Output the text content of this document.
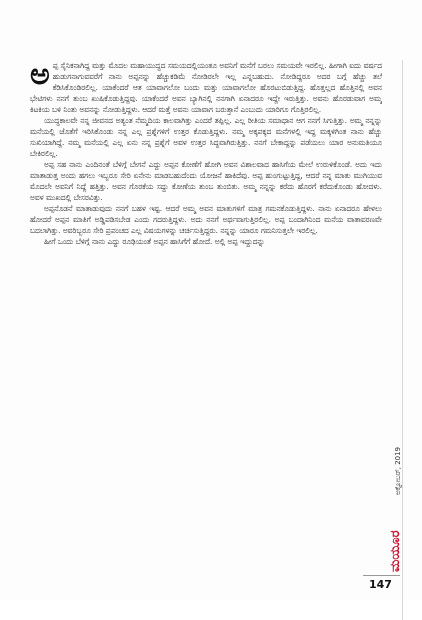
ಅಪ್ಪ ಸೈನಿಕನಾಗಿದ್ದ ಮತ್ತು ಮೊದಲ ಮಹಾಯುದ್ಧದ ಸಮಯದಲ್ಲಿಯಂತೂ ಅವನಿಗೆ ಮನೆಗೆ ಬರಲು ಸಮಯವೇ ಇರಲಿಲ್ಲ. ಹೀಗಾಗಿ ಐದು ವರ್ಷದ ಹುಡುಗನಾಗುವವರೆಗೆ ನಾನು ಅಪ್ಪನನ್ನು ಹೆಚ್ಚುಕಡಿಮೆ ನೋಡಿರಲೇ ಇಲ್ಲ ಎನ್ನಬಹುದು. ನೋಡಿದ್ದರೂ ಅದರ ಬಗ್ಗೆ ಹೆಚ್ಚು ತಲೆ ಕೆಡಿಸಿಕೊಂಡಿರಲಿಲ್ಲ. ಯಾಕೆಂದರೆ ಆತ ಯಾವಾಗಲೋ ಬಂದು ಮತ್ತು ಯಾವಾಗಲೋ ಹೊರಟುಬಿಡುತ್ತಿದ್ದ. ಹೊತ್ತಲ್ಲದ ಹೊತ್ತಿನಲ್ಲಿ ಅವನ ಭೇಟಿಗಳು ನನಗೆ ತುಂಬ ಖುಷಿಕೊಡುತ್ತಿದ್ದವು. ಯಾಕೆಂದರೆ ಅವನ ಬ್ಯಾಗಿನಲ್ಲಿ ನನಗಾಗಿ ಏನಾದರೂ ಇದ್ದೇ ಇರುತ್ತಿತ್ತು. ಅವನು ಹೊರಡುವಾಗ ಅಮ್ಮ ಕಿಟಕಿಯ ಬಳಿ ನಿಂತು ಅವನನ್ನು ನೋಡುತ್ತಿದ್ದಳು. ಆದರೆ ಮತ್ತೆ ಅವನು ಯಾವಾಗ ಬರುತ್ತಾನೆ ಎಂಬುದು ಯಾರಿಗೂ ಗೊತ್ತಿರಲಿಲ್ಲ.

ಯುದ್ಧಕಾಲವೇ ನನ್ನ ಜೀವನದ ಅತ್ಯಂತ ನೆಮ್ಮದಿಯ ಕಾಲವಾಗಿತ್ತು ಎಂದರೆ ತಪ್ಪಿಲ್ಲ. ಎಲ್ಲ ರೀತಿಯ ಸಮಾಧಾನ ಆಗ ನನಗೆ ಸಿಗುತ್ತಿತ್ತು. ಅಮ್ಮ ನನ್ನನ್ನು ಮನೆಯಲ್ಲಿ ಜೊತೆಗೆ ಇರಿಸಿಕೊಂಡು ನನ್ನ ಎಲ್ಲ ಪ್ರಶ್ನೆಗಳಿಗೆ ಉತ್ತರ ಕೊಡುತ್ತಿದ್ದಳು. ನಮ್ಮ ಅಕ್ಕಪಕ್ಕದ ಮನೆಗಳಲ್ಲಿ ಇದ್ದ ಮಕ್ಕಳಿಗಿಂತ ನಾನು ಹೆಚ್ಚು ಸುಖಿಯಾಗಿದ್ದೆ. ನಮ್ಮ ಮನೆಯಲ್ಲಿ ಎಲ್ಲ ಏನು ನನ್ನ ಪ್ರಶ್ನೆಗೆ ಅವಳ ಉತ್ತರ ಸಿದ್ಧವಾಗಿರುತ್ತಿತ್ತು. ನನಗೆ ಬೇಕಾದ್ದನ್ನು ಪಡೆಯಲು ಯಾರ ಅನುಮತಿಯೂ ಬೇಕಿರಲಿಲ್ಲ.

ಅಪ್ಪ ಸಹ ನಾನು ಎಂದಿನಂತೆ ಬೆಳಿಗ್ಗೆ ಬೇಗನೆ ಎದ್ದು ಅಪ್ಪನ ಕೋಣೆಗೆ ಹೋಗಿ ಅವನ ವಿಶಾಲವಾದ ಹಾಸಿಗೆಯ ಮೇಲೆ ಉರುಳಿಕೊಂಡೆ. ಅದು ಇದು ಮಾತಾಡುತ್ತ ಅಂದು ಹಗಲು ಇಬ್ಬರೂ ಸೇರಿ ಏನೇನು ಮಾಡಬಹುದೆಂದು ಯೋಜನೆ ಹಾಕಿದೆವು. ಅಪ್ಪ ಹುಂಗುಟ್ಟುತ್ತಿದ್ದ, ಆದರೆ ನನ್ನ ಮಾತು ಮುಗಿಯುವ ಮೊದಲೇ ಅವನಿಗೆ ನಿದ್ದೆ ಹತ್ತಿತ್ತು. ಅವನ ಗೊರಕೆಯ ಸದ್ದು ಕೋಣೆಯ ತುಂಬ ತುಂಬಿತು. ಅಮ್ಮ ನನ್ನನ್ನು ಕರೆದು ಹೊರಗೆ ಕರೆದುಕೊಂಡು ಹೋದಳು. ಅವಳ ಮುಖದಲ್ಲಿ ಬೇಸರವಿತ್ತು.

ಅಪ್ಪನೊಡನೆ ಮಾತಾಡುವುದು ನನಗೆ ಬಹಳ ಇಷ್ಟ. ಆದರೆ ಅಮ್ಮ ಅವನ ಮಾತುಗಳಿಗೆ ಮಾತ್ರ ಗಮನಕೊಡುತ್ತಿದ್ದಳು. ನಾನು ಏನಾದರೂ ಹೇಳಲು ಹೋದರೆ ಅಪ್ಪನ ಮಾತಿಗೆ ಅಡ್ಡಿಪಡಿಸಬೇಡ ಎಂದು ಗದರುತ್ತಿದ್ದಳು. ಅದು ನನಗೆ ಅರ್ಥವಾಗುತ್ತಿರಲಿಲ್ಲ. ಅಪ್ಪ ಬಂದಾಗಿನಿಂದ ಮನೆಯ ವಾತಾವರಣವೇ ಬದಲಾಗಿತ್ತು. ಅವರಿಬ್ಬರೂ ಸೇರಿ ಪ್ರಪಂಚದ ಎಲ್ಲ ವಿಷಯಗಳನ್ನು ಚರ್ಚಿಸುತ್ತಿದ್ದರು. ನನ್ನನ್ನು ಯಾರೂ ಗಮನಿಸುತ್ತಲೇ ಇರಲಿಲ್ಲ.

ಹೀಗೆ ಒಂದು ಬೆಳಿಗ್ಗೆ ನಾನು ಎದ್ದು ರೂಢಿಯಂತೆ ಅಪ್ಪನ ಹಾಸಿಗೆಗೆ ಹೋದೆ. ಅಲ್ಲಿ ಅಪ್ಪ ಇದ್ದುದನ್ನು

ಅಕ್ಟೋಬರ್, 2019
ಮಯೂರ
147
